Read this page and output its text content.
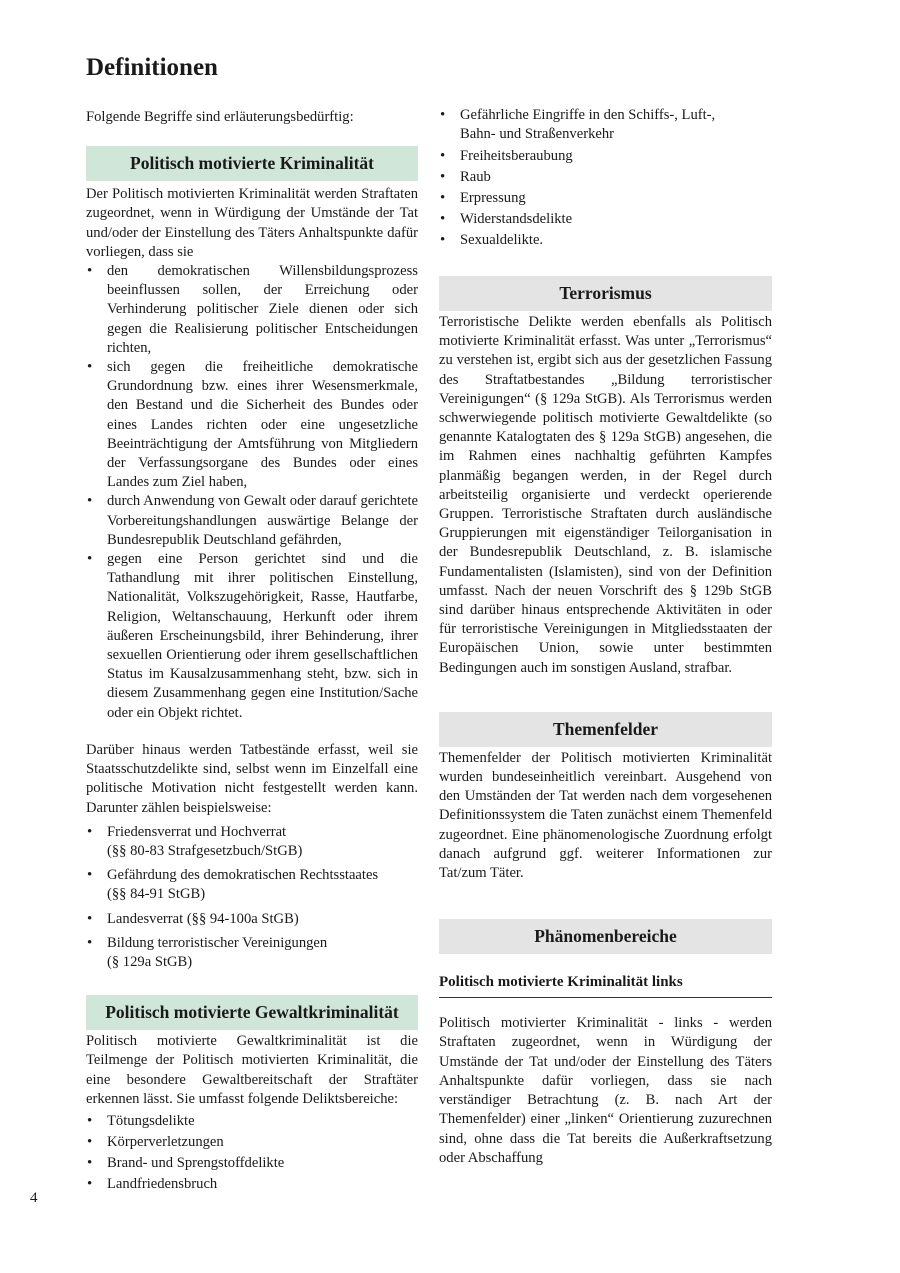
Definitionen

Folgende Begriffe sind erläuterungsbedürftig:

Politisch motivierte Kriminalität

Der Politisch motivierten Kriminalität werden Straftaten zugeordnet, wenn in Würdigung der Umstände der Tat und/oder der Einstellung des Täters Anhaltspunkte dafür vorliegen, dass sie

• den demokratischen Willensbildungsprozess beeinflussen sollen, der Erreichung oder Verhinderung politischer Ziele dienen oder sich gegen die Realisierung politischer Entscheidungen richten,
• sich gegen die freiheitliche demokratische Grundordnung bzw. eines ihrer Wesensmerkmale, den Bestand und die Sicherheit des Bundes oder eines Landes richten oder eine ungesetzliche Beeinträchtigung der Amtsführung von Mitgliedern der Verfassungsorgane des Bundes oder eines Landes zum Ziel haben,
• durch Anwendung von Gewalt oder darauf gerichtete Vorbereitungshandlungen auswärtige Belange der Bundesrepublik Deutschland gefährden,
• gegen eine Person gerichtet sind und die Tathandlung mit ihrer politischen Einstellung, Nationalität, Volkszugehörigkeit, Rasse, Hautfarbe, Religion, Weltanschauung, Herkunft oder ihrem äußeren Erscheinungsbild, ihrer Behinderung, ihrer sexuellen Orientierung oder ihrem gesellschaftlichen Status im Kausalzusammenhang steht, bzw. sich in diesem Zusammenhang gegen eine Institution/Sache oder ein Objekt richtet.

Darüber hinaus werden Tatbestände erfasst, weil sie Staatsschutzdelikte sind, selbst wenn im Einzelfall eine politische Motivation nicht festgestellt werden kann. Darunter zählen beispielsweise:

• Friedensverrat und Hochverrat
(§§ 80-83 Strafgesetzbuch/StGB)
• Gefährdung des demokratischen Rechtsstaates
(§§ 84-91 StGB)
• Landesverrat (§§ 94-100a StGB)
• Bildung terroristischer Vereinigungen
(§ 129a StGB)
Politisch motivierte Gewaltkriminalität

Politisch motivierte Gewaltkriminalität ist die Teilmenge der Politisch motivierten Kriminalität, die eine besondere Gewaltbereitschaft der Straftäter erkennen lässt. Sie umfasst folgende Deliktsbereiche:

• Tötungsdelikte
• Körperverletzungen
• Brand- und Sprengstoffdelikte
• Landfriedensbruch
• Gefährliche Eingriffe in den Schiffs-, Luft-,
Bahn- und Straßenverkehr
• Freiheitsberaubung
• Raub
• Erpressung
• Widerstandsdelikte
• Sexualdelikte.
Terrorismus

Terroristische Delikte werden ebenfalls als Politisch motivierte Kriminalität erfasst. Was unter „Terrorismus“ zu verstehen ist, ergibt sich aus der gesetzlichen Fassung des Straftatbestandes „Bildung terroristischer Vereinigungen“ (§ 129a StGB). Als Terrorismus werden schwerwiegende politisch motivierte Gewaltdelikte (so genannte Katalogtaten des § 129a StGB) angesehen, die im Rahmen eines nachhaltig geführten Kampfes planmäßig begangen werden, in der Regel durch arbeitsteilig organisierte und verdeckt operierende Gruppen. Terroristische Straftaten durch ausländische Gruppierungen mit eigenständiger Teilorganisation in der Bundesrepublik Deutschland, z. B. islamische Fundamentalisten (Islamisten), sind von der Definition umfasst. Nach der neuen Vorschrift des § 129b StGB sind darüber hinaus entsprechende Aktivitäten in oder für terroristische Vereinigungen in Mitgliedsstaaten der Europäischen Union, sowie unter bestimmten Bedingungen auch im sonstigen Ausland, strafbar.

Themenfelder

Themenfelder der Politisch motivierten Kriminalität wurden bundeseinheitlich vereinbart. Ausgehend von den Umständen der Tat werden nach dem vorgesehenen Definitionssystem die Taten zunächst einem Themenfeld zugeordnet. Eine phänomenologische Zuordnung erfolgt danach aufgrund ggf. weiterer Informationen zur Tat/zum Täter.

Phänomenbereiche
Politisch motivierte Kriminalität links

Politisch motivierter Kriminalität - links - werden Straftaten zugeordnet, wenn in Würdigung der Umstände der Tat und/oder der Einstellung des Täters Anhaltspunkte dafür vorliegen, dass sie nach verständiger Betrachtung (z. B. nach Art der Themenfelder) einer „linken“ Orientierung zuzurechnen sind, ohne dass die Tat bereits die Außerkraftsetzung oder Abschaffung

4
